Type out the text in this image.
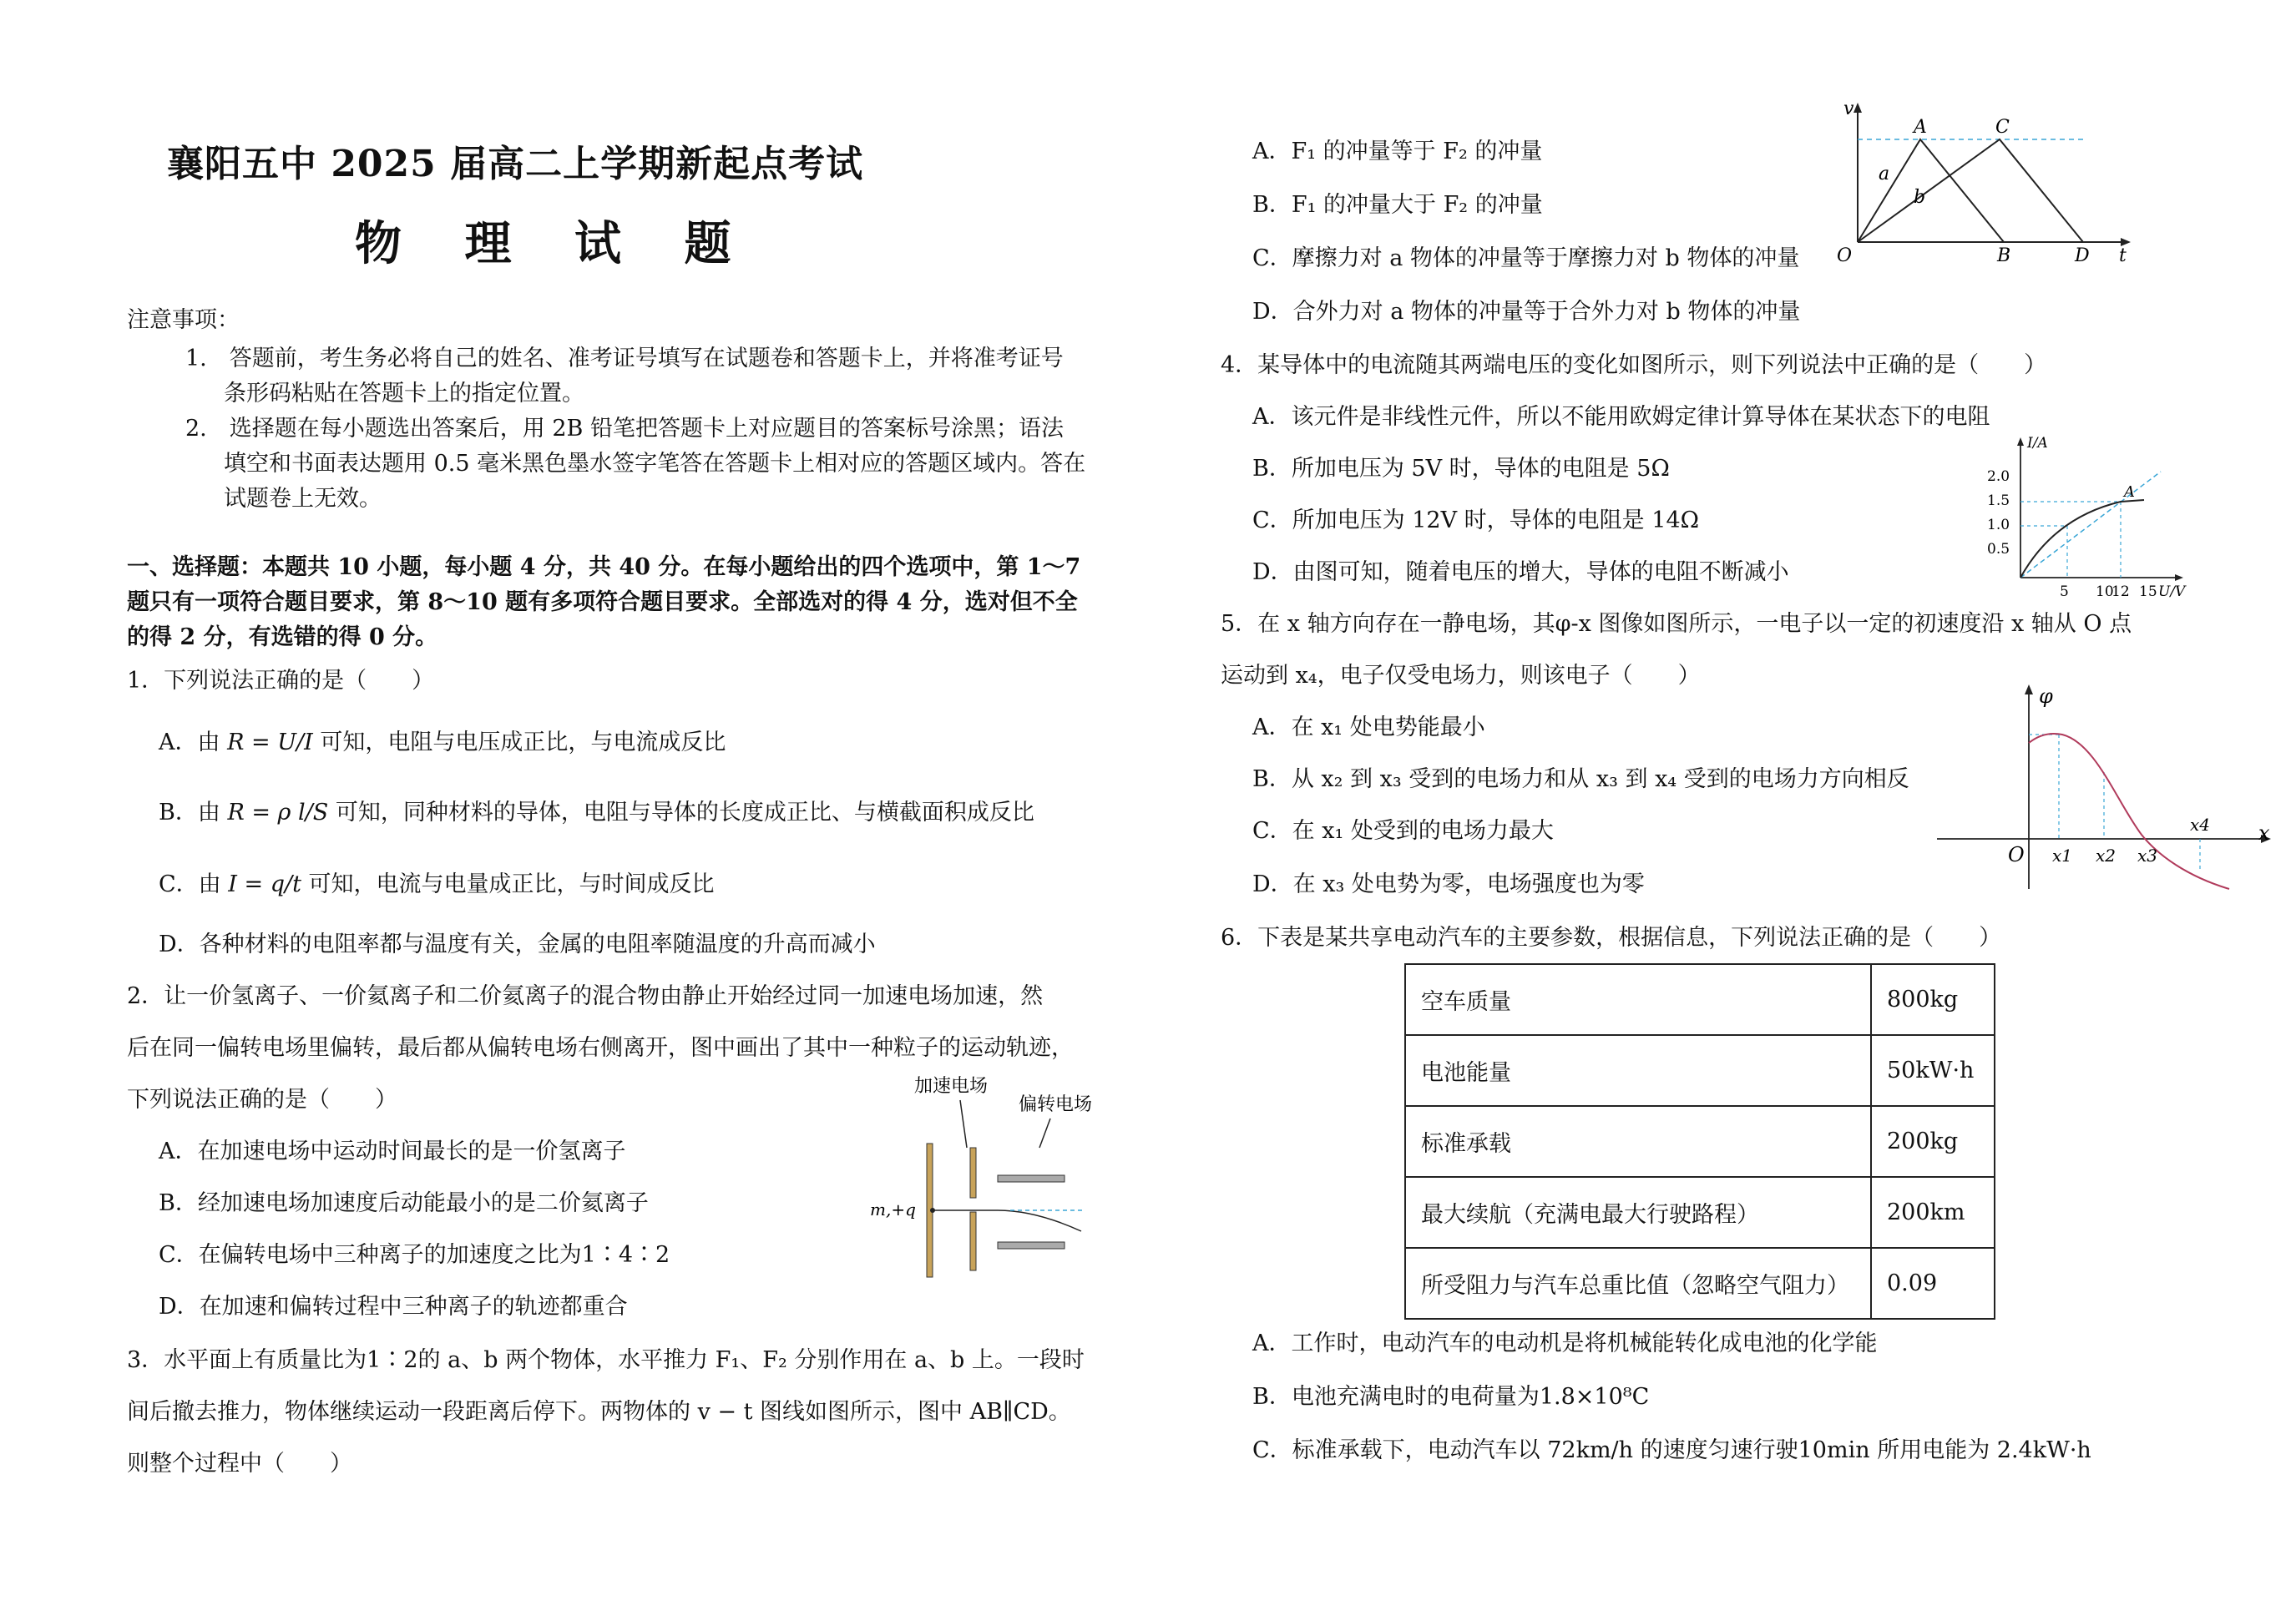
襄阳五中 2025 届高二上学期新起点考试
物 理 试 题
注意事项：
1.　答题前，考生务必将自己的姓名、准考证号填写在试题卷和答题卡上，并将准考证号
条形码粘贴在答题卡上的指定位置。
2.　选择题在每小题选出答案后，用 2B 铅笔把答题卡上对应题目的答案标号涂黑；语法
填空和书面表达题用 0.5 毫米黑色墨水签字笔答在答题卡上相对应的答题区域内。答在
试题卷上无效。
一、选择题：本题共 10 小题，每小题 4 分，共 40 分。在每小题给出的四个选项中，第 1～7
题只有一项符合题目要求，第 8～10 题有多项符合题目要求。全部选对的得 4 分，选对但不全
的得 2 分，有选错的得 0 分。
1．下列说法正确的是（　　）
A．由 R = U/I 可知，电阻与电压成正比，与电流成反比
B．由 R = ρ l/S 可知，同种材料的导体，电阻与导体的长度成正比、与横截面积成反比
C．由 I = q/t 可知，电流与电量成正比，与时间成反比
D．各种材料的电阻率都与温度有关，金属的电阻率随温度的升高而减小
2．让一价氢离子、一价氦离子和二价氦离子的混合物由静止开始经过同一加速电场加速，然
后在同一偏转电场里偏转，最后都从偏转电场右侧离开，图中画出了其中一种粒子的运动轨迹，
下列说法正确的是（　　）
A．在加速电场中运动时间最长的是一价氢离子
B．经加速电场加速度后动能最小的是二价氦离子
C．在偏转电场中三种离子的加速度之比为1∶4∶2
D．在加速和偏转过程中三种离子的轨迹都重合
加速电场
偏转电场
m,+q
3．水平面上有质量比为1∶2的 a、b 两个物体，水平推力 F₁、F₂ 分别作用在 a、b 上。一段时
间后撤去推力，物体继续运动一段距离后停下。两物体的 v − t 图线如图所示，图中 AB∥CD。
则整个过程中（　　）
A．F₁ 的冲量等于 F₂ 的冲量
B．F₁ 的冲量大于 F₂ 的冲量
C．摩擦力对 a 物体的冲量等于摩擦力对 b 物体的冲量
D．合外力对 a 物体的冲量等于合外力对 b 物体的冲量
v
t
O
A	C
B	D
a
b
4．某导体中的电流随其两端电压的变化如图所示，则下列说法中正确的是（　　）
A．该元件是非线性元件，所以不能用欧姆定律计算导体在某状态下的电阻
B．所加电压为 5V 时，导体的电阻是 5Ω
C．所加电压为 12V 时，导体的电阻是 14Ω
D．由图可知，随着电压的增大，导体的电阻不断减小
I/A
U/V
2.0
1.5
1.0
0.5
5 10
12 15
A
5．在 x 轴方向存在一静电场，其φ-x 图像如图所示，一电子以一定的初速度沿 x 轴从 O 点
运动到 x₄，电子仅受电场力，则该电子（　　）
A．在 x₁ 处电势能最小
B．从 x₂ 到 x₃ 受到的电场力和从 x₃ 到 x₄ 受到的电场力方向相反
C．在 x₁ 处受到的电场力最大
D．在 x₃ 处电势为零，电场强度也为零
φ
x
O x1 x2 x3
x4
6．下表是某共享电动汽车的主要参数，根据信息，下列说法正确的是（　　）
空车质量	800kg
电池能量	50kW·h
标准承载	200kg
最大续航（充满电最大行驶路程）	200km
所受阻力与汽车总重比值（忽略空气阻力）	0.09
A．工作时，电动汽车的电动机是将机械能转化成电池的化学能
B．电池充满电时的电荷量为1.8×10⁸C
C．标准承载下，电动汽车以 72km/h 的速度匀速行驶10min 所用电能为 2.4kW·h
